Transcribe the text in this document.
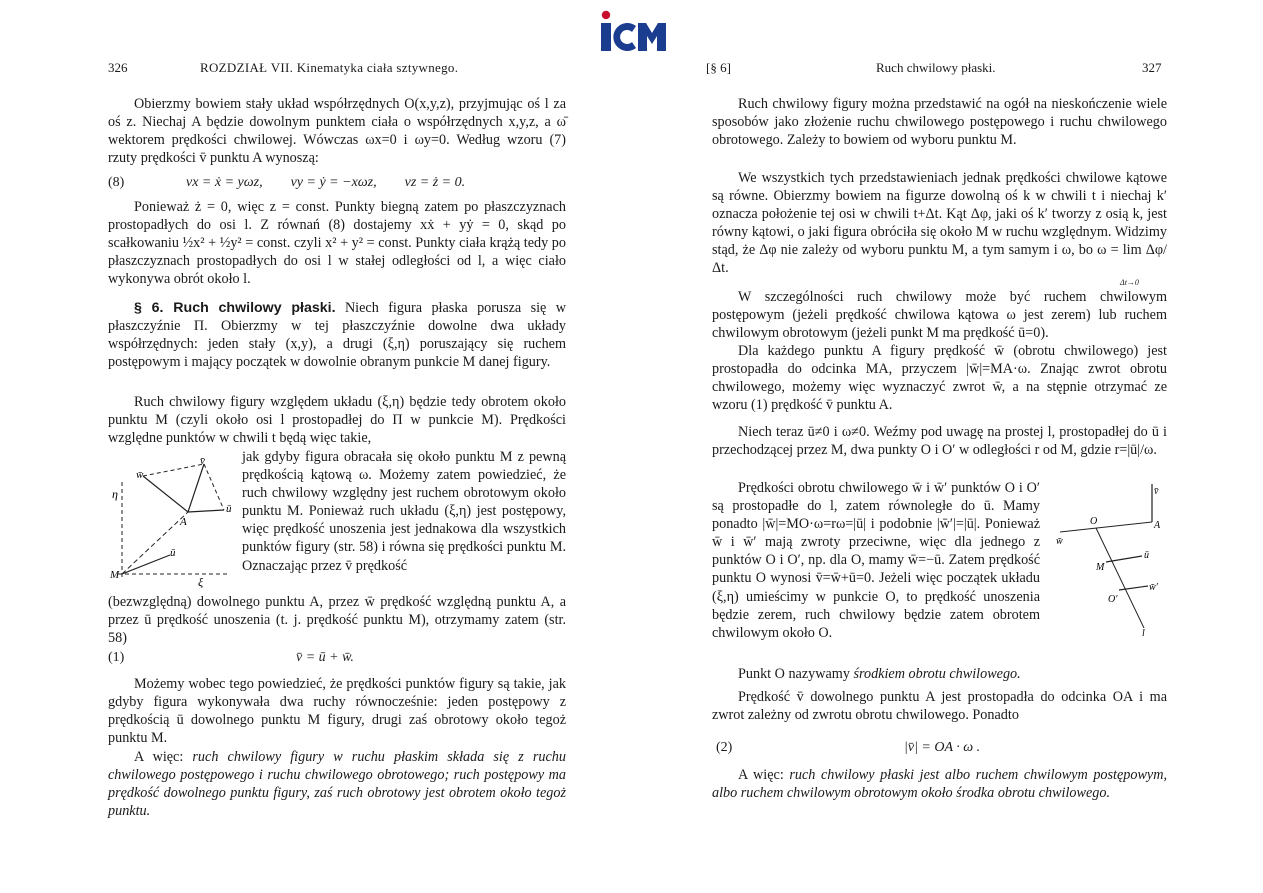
326	ROZDZIAŁ VII. Kinematyka ciała sztywnego.

Obierzmy bowiem stały układ współrzędnych O(x,y,z), przyjmując oś l za oś z. Niechaj A będzie dowolnym punktem ciała o współrzędnych x,y,z, a ω̄ wektorem prędkości chwilowej. Wówczas ωx=0 i ωy=0. Według wzoru (7) rzuty prędkości v̄ punktu A wynoszą:

(8)	vx = ẋ = yωz,        vy = ẏ = −xωz,        vz = ż = 0.

Ponieważ ż = 0, więc z = const. Punkty biegną zatem po płaszczyznach prostopadłych do osi l. Z równań (8) dostajemy xẋ + yẏ = 0, skąd po scałkowaniu ½x² + ½y² = const. czyli x² + y² = const. Punkty ciała krążą tedy po płaszczyznach prostopadłych do osi l w stałej odległości od l, a więc ciało wykonywa obrót około l.

§ 6. Ruch chwilowy płaski. Niech figura płaska porusza się w płaszczyźnie Π. Obierzmy w tej płaszczyźnie dowolne dwa układy współrzędnych: jeden stały (x,y), a drugi (ξ,η) poruszający się ruchem postępowym i mający początek w dowolnie obranym punkcie M danej figury.

Ruch chwilowy figury względem układu (ξ,η) będzie tedy obrotem około punktu M (czyli około osi l prostopadłej do Π w punkcie M). Prędkości względne punktów w chwili t będą więc takie,

w̄
v̄
η
A
ū
ū
M	ξ

jak gdyby figura obracała się około punktu M z pewną prędkością kątową ω. Możemy zatem powiedzieć, że ruch chwilowy względny jest ruchem obrotowym około punktu M. Ponieważ ruch układu (ξ,η) jest postępowy, więc prędkość unoszenia jest jednakowa dla wszystkich punktów figury (str. 58) i równa się prędkości punktu M. Oznaczając przez v̄ prędkość

(bezwzględną) dowolnego punktu A, przez w̄ prędkość względną punktu A, a przez ū prędkość unoszenia (t. j. prędkość punktu M), otrzymamy zatem (str. 58)

(1)	v̄ = ū + w̄.

Możemy wobec tego powiedzieć, że prędkości punktów figury są takie, jak gdyby figura wykonywała dwa ruchy równocześnie: jeden postępowy z prędkością ū dowolnego punktu M figury, drugi zaś obrotowy około tegoż punktu M.

A więc: ruch chwilowy figury w ruchu płaskim składa się z ruchu chwilowego postępowego i ruchu chwilowego obrotowego; ruch postępowy ma prędkość dowolnego punktu figury, zaś ruch obrotowy jest obrotem około tegoż punktu.

[§ 6]	Ruch chwilowy płaski.	327

Ruch chwilowy figury można przedstawić na ogół na nieskończenie wiele sposobów jako złożenie ruchu chwilowego postępowego i ruchu chwilowego obrotowego. Zależy to bowiem od wyboru punktu M.

We wszystkich tych przedstawieniach jednak prędkości chwilowe kątowe są równe. Obierzmy bowiem na figurze dowolną oś k w chwili t i niechaj k′ oznacza położenie tej osi w chwili t+Δt. Kąt Δφ, jaki oś k′ tworzy z osią k, jest równy kątowi, o jaki figura obróciła się około M w ruchu względnym. Widzimy stąd, że Δφ nie zależy od wyboru punktu M, a tym samym i ω, bo ω = lim Δφ/Δt.

Δt→0

W szczególności ruch chwilowy może być ruchem chwilowym postępowym (jeżeli prędkość chwilowa kątowa ω jest zerem) lub ruchem chwilowym obrotowym (jeżeli punkt M ma prędkość ū=0).

Dla każdego punktu A figury prędkość w̄ (obrotu chwilowego) jest prostopadła do odcinka MA, przyczem |w̄|=MA·ω. Znając zwrot obrotu chwilowego, możemy więc wyznaczyć zwrot w̄, a na stępnie otrzymać ze wzoru (1) prędkość v̄ punktu A.

Niech teraz ū≠0 i ω≠0. Weźmy pod uwagę na prostej l, prostopadłej do ū i przechodzącej przez M, dwa punkty O i O′ w odległości r od M, gdzie r=|ū|/ω.

Prędkości obrotu chwilowego w̄ i w̄′ punktów O i O′ są prostopadłe do l, zatem równoległe do ū. Mamy ponadto |w̄|=MO·ω=rω=|ū| i podobnie |w̄′|=|ū|. Ponieważ w̄ i w̄′ mają zwroty przeciwne, więc dla jednego z punktów O i O′, np. dla O, mamy w̄=−ū. Zatem prędkość punktu O wynosi v̄=w̄+ū=0. Jeżeli więc początek układu (ξ,η) umieścimy w punkcie O, to prędkość unoszenia będzie zerem, ruch chwilowy będzie zatem obrotem chwilowym około O.

v̄
O	A
w̄
ū
M
O′
w̄′
l

Punkt O nazywamy środkiem obrotu chwilowego.

Prędkość v̄ dowolnego punktu A jest prostopadła do odcinka OA i ma zwrot zależny od zwrotu obrotu chwilowego. Ponadto

(2)	|v̄| = OA · ω .

A więc: ruch chwilowy płaski jest albo ruchem chwilowym postępowym, albo ruchem chwilowym obrotowym około środka obrotu chwilowego.
